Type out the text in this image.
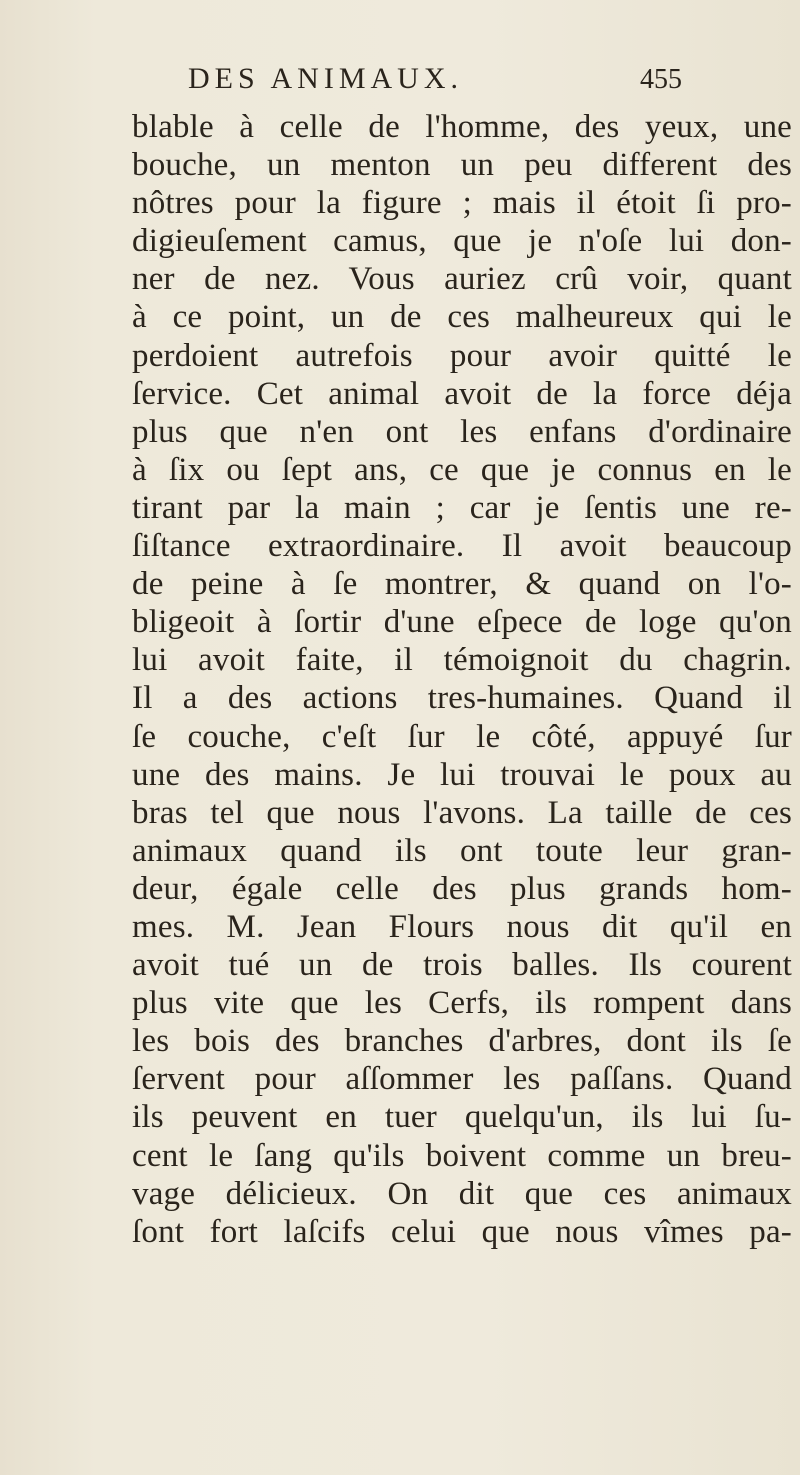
DES ANIMAUX.	455
blable à celle de l'homme, des yeux, une
bouche, un menton un peu different des
nôtres pour la figure ; mais il étoit ſi pro-
digieuſement camus, que je n'oſe lui don-
ner de nez. Vous auriez crû voir, quant
à ce point, un de ces malheureux qui le
perdoient autrefois pour avoir quitté le
ſervice. Cet animal avoit de la force déja
plus que n'en ont les enfans d'ordinaire
à ſix ou ſept ans, ce que je connus en le
tirant par la main ; car je ſentis une re-
ſiſtance extraordinaire. Il avoit beaucoup
de peine à ſe montrer, & quand on l'o-
bligeoit à ſortir d'une eſpece de loge qu'on
lui avoit faite, il témoignoit du chagrin.
Il a des actions tres-humaines. Quand il
ſe couche, c'eſt ſur le côté, appuyé ſur
une des mains. Je lui trouvai le poux au
bras tel que nous l'avons. La taille de ces
animaux quand ils ont toute leur gran-
deur, égale celle des plus grands hom-
mes. M. Jean Flours nous dit qu'il en
avoit tué un de trois balles. Ils courent
plus vite que les Cerfs, ils rompent dans
les bois des branches d'arbres, dont ils ſe
ſervent pour aſſommer les paſſans. Quand
ils peuvent en tuer quelqu'un, ils lui ſu-
cent le ſang qu'ils boivent comme un breu-
vage délicieux. On dit que ces animaux
ſont fort laſcifs celui que nous vîmes pa-
